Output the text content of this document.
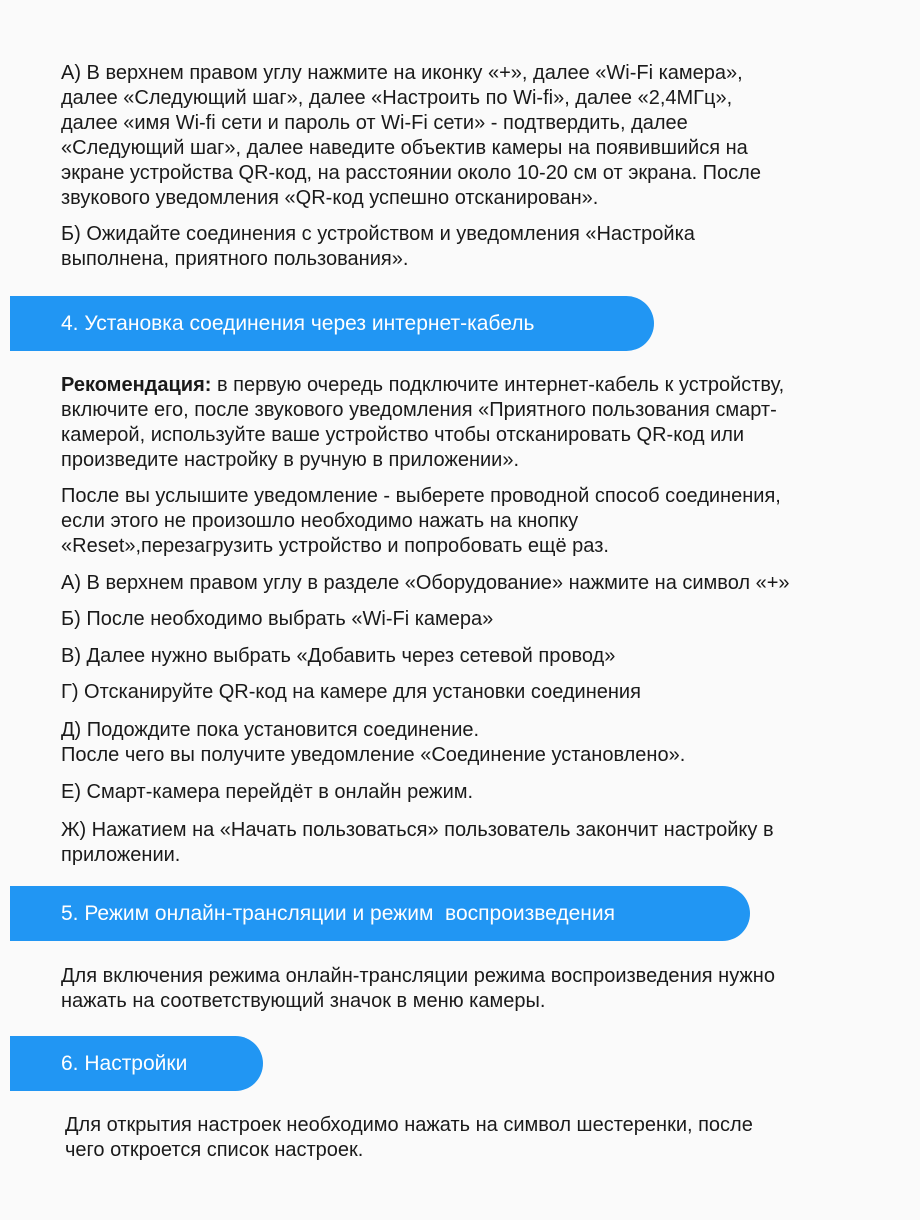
А) В верхнем правом углу нажмите на иконку «+», далее «Wi-Fi камера»,
далее «Следующий шаг», далее «Настроить по Wi-fi», далее «2,4МГц»,
далее «имя Wi-fi сети и пароль от Wi-Fi сети» - подтвердить, далее
«Следующий шаг», далее наведите объектив камеры на появившийся на
экране устройства QR-код, на расстоянии около 10-20 см от экрана. После
звукового уведомления «QR-код успешно отсканирован».

Б) Ожидайте соединения с устройством и уведомления «Настройка
выполнена, приятного пользования».

4. Установка соединения через интернет-кабель

Рекомендация: в первую очередь подключите интернет-кабель к устройству,
включите его, после звукового уведомления «Приятного пользования смарт-
камерой, используйте ваше устройство чтобы отсканировать QR-код или
произведите настройку в ручную в приложении».

После вы услышите уведомление - выберете проводной способ соединения,
если этого не произошло необходимо нажать на кнопку
«Reset»,перезагрузить устройство и попробовать ещё раз.

А) В верхнем правом углу в разделе «Оборудование» нажмите на символ «+»

Б) После необходимо выбрать «Wi-Fi камера»

В) Далее нужно выбрать «Добавить через сетевой провод»

Г) Отсканируйте QR-код на камере для установки соединения

Д) Подождите пока установится соединение.
После чего вы получите уведомление «Соединение установлено».

Е) Смарт-камера перейдёт в онлайн режим.

Ж) Нажатием на «Начать пользоваться» пользователь закончит настройку в
приложении.

5. Режим онлайн-трансляции и режим  воспроизведения

Для включения режима онлайн-трансляции режима воспроизведения нужно
нажать на соответствующий значок в меню камеры.

6. Настройки

Для открытия настроек необходимо нажать на символ шестеренки, после
чего откроется список настроек.
